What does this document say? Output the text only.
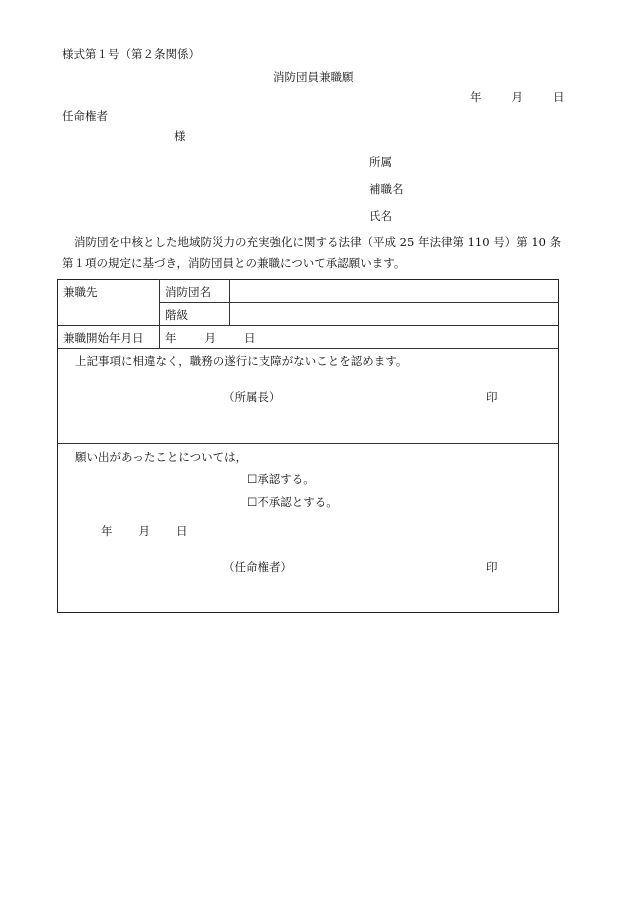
様式第１号（第２条関係）
消防団員兼職願
年	月	日
任命権者
様
所属
補職名
氏名
消防団を中核とした地域防災力の充実強化に関する法律（平成 25 年法律第 110 号）第 10 条
第１項の規定に基づき，消防団員との兼職について承認願います。
兼職先	消防団名
階級
兼職開始年月日 年 月 日
上記事項に相違なく，職務の遂行に支障がないことを認めます。
（所属長）	印
願い出があったことについては，
☐承認する。
☐不承認とする。
年 月 日
（任命権者）	印
